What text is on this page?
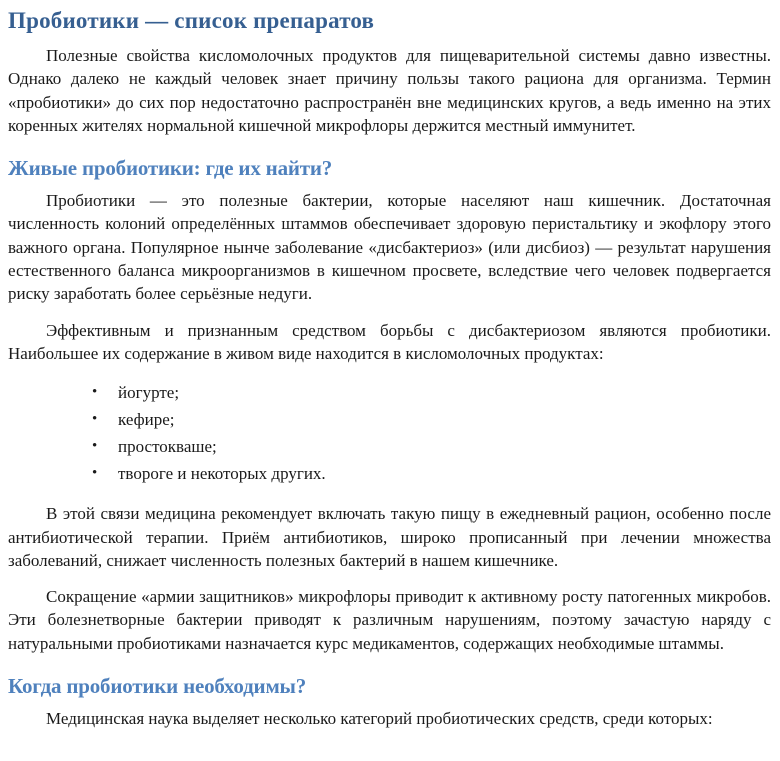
Пробиотики — список препаратов

Полезные свойства кисломолочных продуктов для пищеварительной системы давно известны. Однако далеко не каждый человек знает причину пользы такого рациона для организма. Термин «пробиотики» до сих пор недостаточно распространён вне медицинских кругов, а ведь именно на этих коренных жителях нормальной кишечной микрофлоры держится местный иммунитет.

Живые пробиотики: где их найти?

Пробиотики — это полезные бактерии, которые населяют наш кишечник. Достаточная численность колоний определённых штаммов обеспечивает здоровую перистальтику и экофлору этого важного органа. Популярное нынче заболевание «дисбактериоз» (или дисбиоз) — результат нарушения естественного баланса микроорганизмов в кишечном просвете, вследствие чего человек подвергается риску заработать более серьёзные недуги.

Эффективным и признанным средством борьбы с дисбактериозом являются пробиотики. Наибольшее их содержание в живом виде находится в кисломолочных продуктах:

• йогурте;
• кефире;
• простокваше;
• твороге и некоторых других.

В этой связи медицина рекомендует включать такую пищу в ежедневный рацион, особенно после антибиотической терапии. Приём антибиотиков, широко прописанный при лечении множества заболеваний, снижает численность полезных бактерий в нашем кишечнике.

Сокращение «армии защитников» микрофлоры приводит к активному росту патогенных микробов. Эти болезнетворные бактерии приводят к различным нарушениям, поэтому зачастую наряду с натуральными пробиотиками назначается курс медикаментов, содержащих необходимые штаммы.

Когда пробиотики необходимы?

Медицинская наука выделяет несколько категорий пробиотических средств, среди которых:
